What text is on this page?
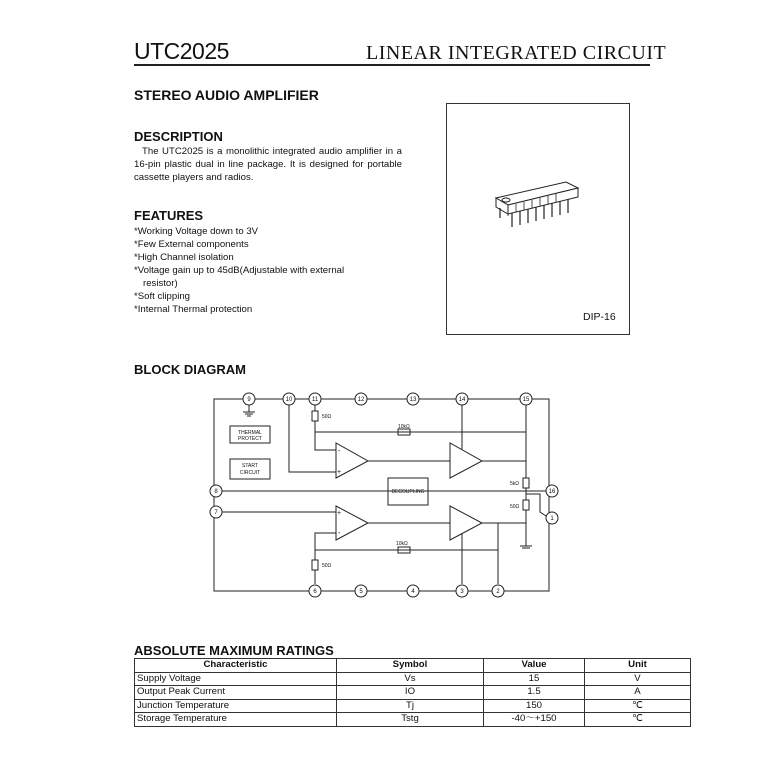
UTC2025	LINEAR INTEGRATED CIRCUIT
STEREO AUDIO AMPLIFIER
DESCRIPTION
The UTC2025 is a monolithic integrated audio amplifier in a 16-pin plastic dual in line package. It is designed for portable cassette players and radios.
FEATURES
*Working Voltage down to 3V
*Few External components
*High Channel isolation
*Voltage gain up to 45dB(Adjustable with external
resistor)
*Soft clipping
*Internal Thermal protection
DIP-16
BLOCK DIAGRAM
9	10	11	12	13	14	15
8
7
16
1
6	5	4	3	2
THERMAL
PROTECT
START
CIRCUIT
DECOUPLING
50Ω
10kΩ
5kΩ
50Ω
10kΩ
50Ω
-
+
+
-
ABSOLUTE MAXIMUM RATINGS
Characteristic	Symbol	Value	Unit
Supply Voltage	Vs	15	V
Output Peak Current	IO	1.5	A
Junction Temperature	Tj	150	℃
Storage Temperature	Tstg	-40～+150	℃
